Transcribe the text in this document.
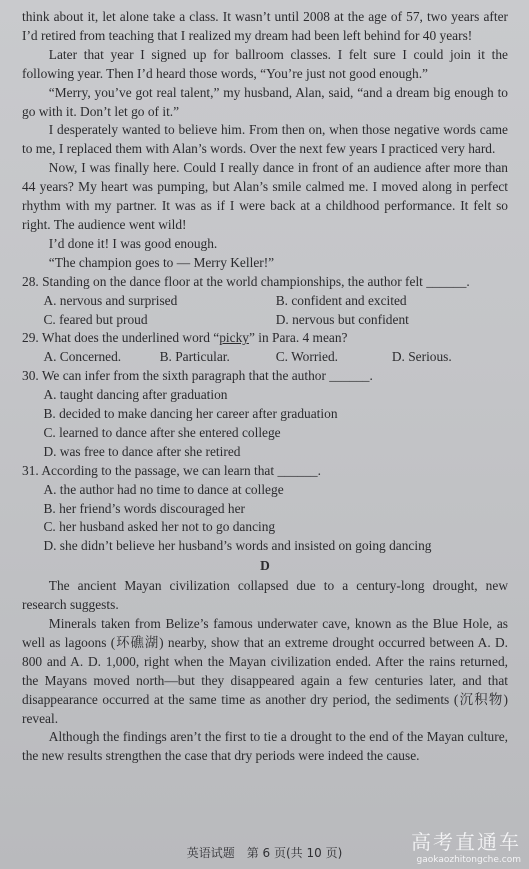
think about it, let alone take a class. It wasn’t until 2008 at the age of 57, two years after I’d retired from teaching that I realized my dream had been left behind for 40 years!

Later that year I signed up for ballroom classes. I felt sure I could join it the following year. Then I’d heard those words, “You’re just not good enough.”

“Merry, you’ve got real talent,” my husband, Alan, said, “and a dream big enough to go with it. Don’t let go of it.”

I desperately wanted to believe him. From then on, when those negative words came to me, I replaced them with Alan’s words. Over the next few years I practiced very hard.

Now, I was finally here. Could I really dance in front of an audience after more than 44 years? My heart was pumping, but Alan’s smile calmed me. I moved along in perfect rhythm with my partner. It was as if I were back at a childhood performance. It felt so right. The audience went wild!

I’d done it! I was good enough.

“The champion goes to — Merry Keller!”

28. Standing on the dance floor at the world championships, the author felt ______.

A. nervous and surprised	B. confident and excited
C. feared but proud	D. nervous but confident

29. What does the underlined word “picky” in Para. 4 mean?

A. Concerned.	B. Particular.	C. Worried.	D. Serious.

30. We can infer from the sixth paragraph that the author ______.

A. taught dancing after graduation

B. decided to make dancing her career after graduation

C. learned to dance after she entered college

D. was free to dance after she retired

31. According to the passage, we can learn that ______.

A. the author had no time to dance at college

B. her friend’s words discouraged her

C. her husband asked her not to go dancing

D. she didn’t believe her husband’s words and insisted on going dancing

D

The ancient Mayan civilization collapsed due to a century-long drought, new research suggests.

Minerals taken from Belize’s famous underwater cave, known as the Blue Hole, as well as lagoons (环礁湖) nearby, show that an extreme drought occurred between A. D. 800 and A. D. 1,000, right when the Mayan civilization ended. After the rains returned, the Mayans moved north—but they disappeared again a few centuries later, and that disappearance occurred at the same time as another dry period, the sediments (沉积物) reveal.

Although the findings aren’t the first to tie a drought to the end of the Mayan culture, the new results strengthen the case that dry periods were indeed the cause.

英语试题　第 6 页(共 10 页)	高考直通车
gaokaozhitongche.com
